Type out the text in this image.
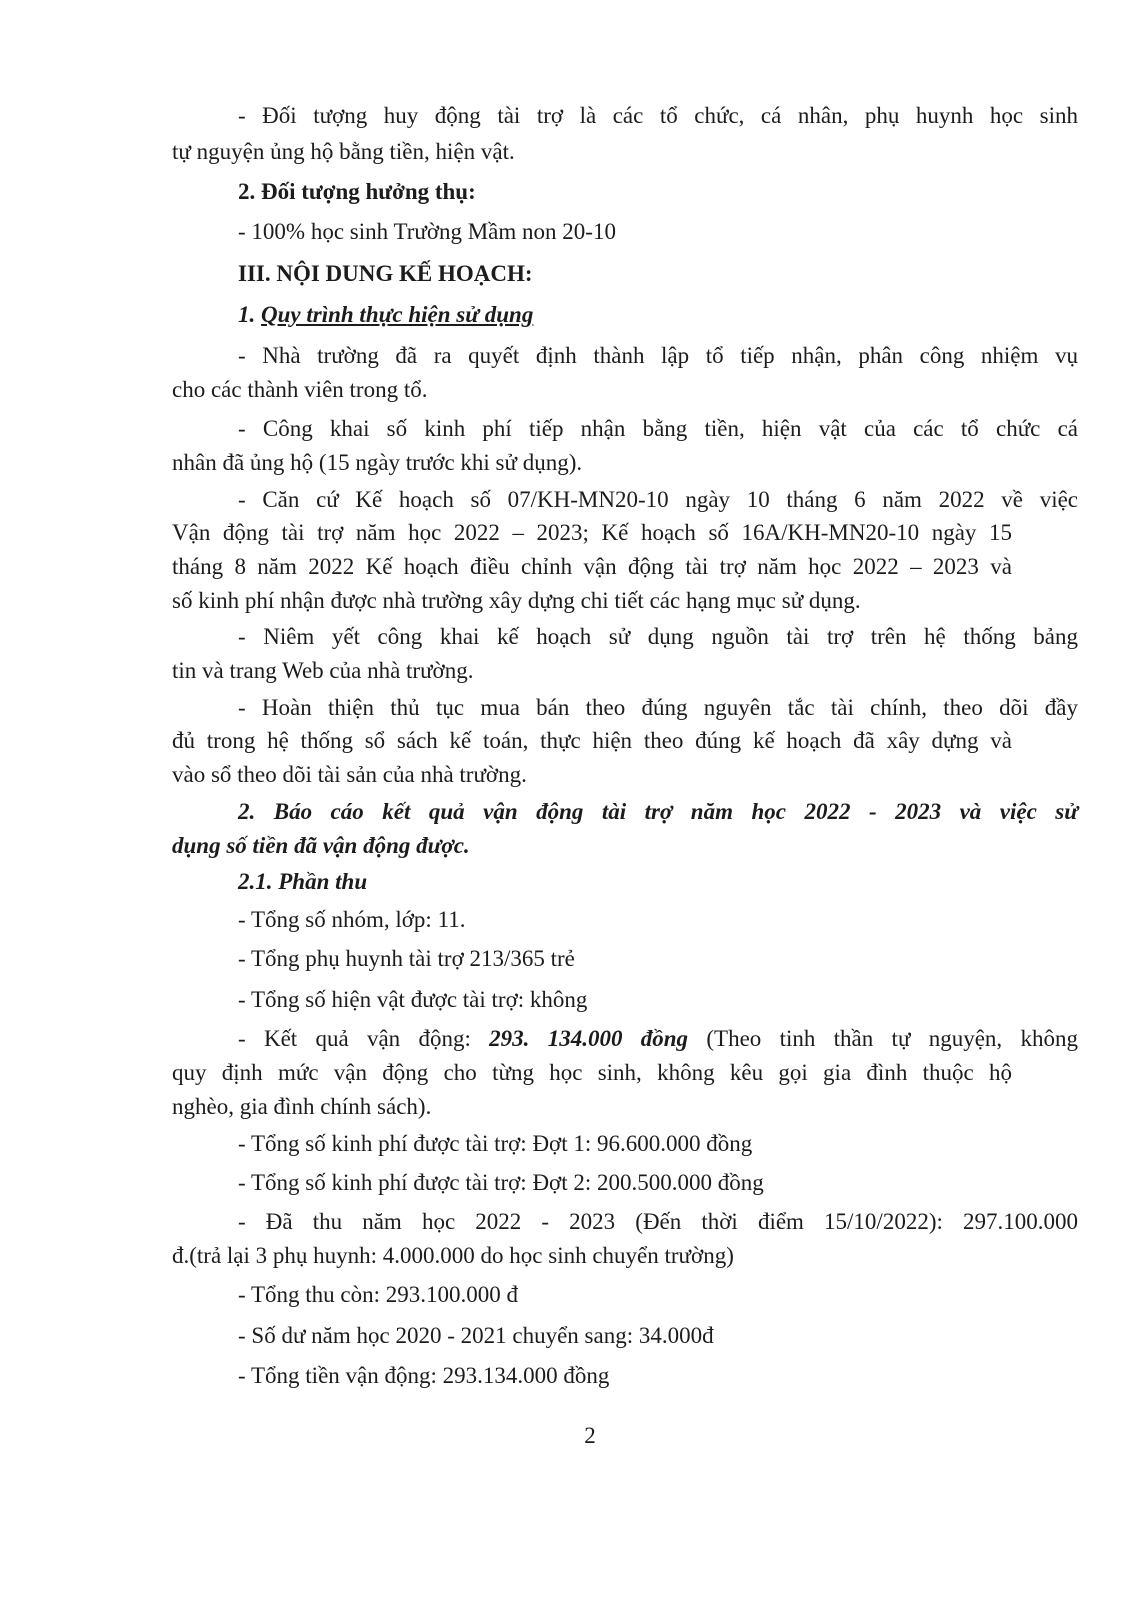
- Đối tượng huy động tài trợ là các tổ chức, cá nhân, phụ huynh học sinh
tự nguyện ủng hộ bằng tiền, hiện vật.
2. Đối tượng hưởng thụ:
- 100% học sinh Trường Mầm non 20-10
III. NỘI DUNG KẾ HOẠCH:
1. Quy trình thực hiện sử dụng
- Nhà trường đã ra quyết định thành lập tổ tiếp nhận, phân công nhiệm vụ
cho các thành viên trong tổ.
- Công khai số kinh phí tiếp nhận bằng tiền, hiện vật của các tổ chức cá
nhân đã ủng hộ (15 ngày trước khi sử dụng).
- Căn cứ Kế hoạch số 07/KH-MN20-10 ngày 10 tháng 6 năm 2022 về việc
Vận động tài trợ năm học 2022 – 2023; Kế hoạch số 16A/KH-MN20-10 ngày 15
tháng 8 năm 2022 Kế hoạch điều chỉnh vận động tài trợ năm học 2022 – 2023 và
số kinh phí nhận được nhà trường xây dựng chi tiết các hạng mục sử dụng.
- Niêm yết công khai kế hoạch sử dụng nguồn tài trợ trên hệ thống bảng
tin và trang Web của nhà trường.
- Hoàn thiện thủ tục mua bán theo đúng nguyên tắc tài chính, theo dõi đầy
đủ trong hệ thống sổ sách kế toán, thực hiện theo đúng kế hoạch đã xây dựng và
vào sổ theo dõi tài sản của nhà trường.
2. Báo cáo kết quả vận động tài trợ năm học 2022 - 2023 và việc sử
dụng số tiền đã vận động được.
2.1. Phần thu
- Tổng số nhóm, lớp: 11.
- Tổng phụ huynh tài trợ 213/365 trẻ
- Tổng số hiện vật được tài trợ: không
- Kết quả vận động: 293. 134.000 đồng (Theo tinh thần tự nguyện, không
quy định mức vận động cho từng học sinh, không kêu gọi gia đình thuộc hộ
nghèo, gia đình chính sách).
- Tổng số kinh phí được tài trợ: Đợt 1: 96.600.000 đồng
- Tổng số kinh phí được tài trợ: Đợt 2: 200.500.000 đồng
- Đã thu năm học 2022 - 2023 (Đến thời điểm 15/10/2022): 297.100.000
đ.(trả lại 3 phụ huynh: 4.000.000 do học sinh chuyển trường)
- Tổng thu còn: 293.100.000 đ
- Số dư năm học 2020 - 2021 chuyển sang: 34.000đ
- Tổng tiền vận động: 293.134.000 đồng
2
